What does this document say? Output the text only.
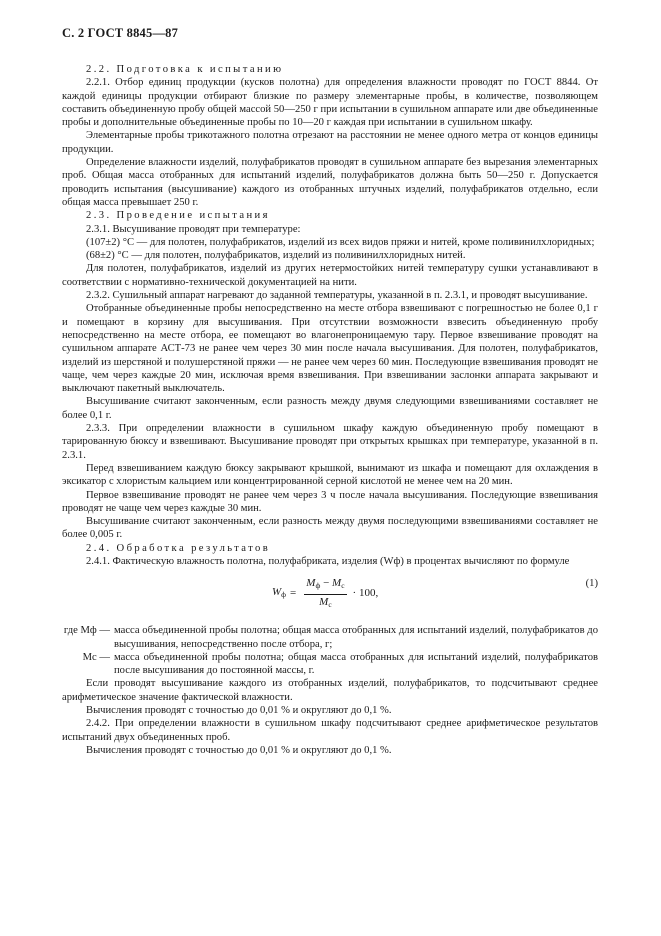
С. 2 ГОСТ 8845—87

2.2. Подготовка к испытанию

2.2.1. Отбор единиц продукции (кусков полотна) для определения влажности проводят по ГОСТ 8844. От каждой единицы продукции отбирают близкие по размеру элементарные пробы, в количестве, позволяющем составить объединенную пробу общей массой 50—250 г при испытании в сушильном аппарате или две объединенные пробы и дополнительные объединенные пробы по 10—20 г каждая при испытании в сушильном шкафу.

Элементарные пробы трикотажного полотна отрезают на расстоянии не менее одного метра от концов единицы продукции.

Определение влажности изделий, полуфабрикатов проводят в сушильном аппарате без вырезания элементарных проб. Общая масса отобранных для испытаний изделий, полуфабрикатов должна быть 50—250 г. Допускается проводить испытания (высушивание) каждого из отобранных штучных изделий, полуфабрикатов отдельно, если общая масса превышает 250 г.

2.3. Проведение испытания

2.3.1. Высушивание проводят при температуре:

(107±2) °С — для полотен, полуфабрикатов, изделий из всех видов пряжи и нитей, кроме поливинилхлоридных;

(68±2) °С — для полотен, полуфабрикатов, изделий из поливинилхлоридных нитей.

Для полотен, полуфабрикатов, изделий из других нетермостойких нитей температуру сушки устанавливают в соответствии с нормативно-технической документацией на нити.

2.3.2. Сушильный аппарат нагревают до заданной температуры, указанной в п. 2.3.1, и проводят высушивание.

Отобранные объединенные пробы непосредственно на месте отбора взвешивают с погрешностью не более 0,1 г и помещают в корзину для высушивания. При отсутствии возможности взвесить объединенную пробу непосредственно на месте отбора, ее помещают во влагонепроницаемую тару. Первое взвешивание проводят на сушильном аппарате АСТ-73 не ранее чем через 30 мин после начала высушивания. Для полотен, полуфабрикатов, изделий из шерстяной и полушерстяной пряжи — не ранее чем через 60 мин. Последующие взвешивания проводят не чаще, чем через каждые 20 мин, исключая время взвешивания. При взвешивании заслонки аппарата закрывают и выключают пакетный выключатель.

Высушивание считают законченным, если разность между двумя следующими взвешиваниями составляет не более 0,1 г.

2.3.3. При определении влажности в сушильном шкафу каждую объединенную пробу помещают в тарированную бюксу и взвешивают. Высушивание проводят при открытых крышках при температуре, указанной в п. 2.3.1.

Перед взвешиванием каждую бюксу закрывают крышкой, вынимают из шкафа и помещают для охлаждения в эксикатор с хлористым кальцием или концентрированной серной кислотой не менее чем на 20 мин.

Первое взвешивание проводят не ранее чем через 3 ч после начала высушивания. Последующие взвешивания проводят не чаще чем через каждые 30 мин.

Высушивание считают законченным, если разность между двумя последующими взвешиваниями составляет не более 0,005 г.

2.4. Обработка результатов

2.4.1. Фактическую влажность полотна, полуфабриката, изделия (Wф) в процентах вычисляют по формуле

$W_ф = \frac{M_ф - M_с}{M_с} \cdot 100$,
(1)
где Mф — масса объединенной пробы полотна; общая масса отобранных для испытаний изделий, полуфабрикатов до высушивания, непосредственно после отбора, г;
Mс — масса объединенной пробы полотна; общая масса отобранных для испытаний изделий, полуфабрикатов после высушивания до постоянной массы, г.

Если проводят высушивание каждого из отобранных изделий, полуфабрикатов, то подсчитывают среднее арифметическое значение фактической влажности.

Вычисления проводят с точностью до 0,01 % и округляют до 0,1 %.

2.4.2. При определении влажности в сушильном шкафу подсчитывают среднее арифметическое результатов испытаний двух объединенных проб.

Вычисления проводят с точностью до 0,01 % и округляют до 0,1 %.
